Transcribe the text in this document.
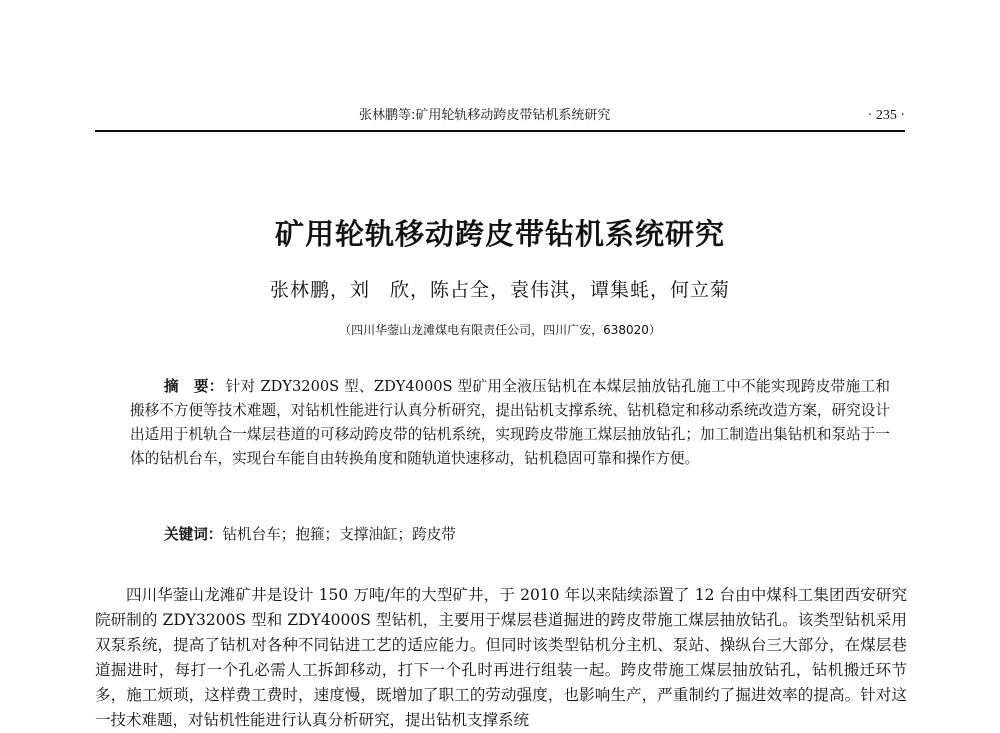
张林鹏等:矿用轮轨移动跨皮带钻机系统研究	· 235 ·
矿用轮轨移动跨皮带钻机系统研究
张林鹏，刘　欣，陈占全，袁伟淇，谭集蚝，何立菊
（四川华蓥山龙滩煤电有限责任公司，四川广安，638020）

摘　要： 针对 ZDY3200S 型、ZDY4000S 型矿用全液压钻机在本煤层抽放钻孔施工中不能实现跨皮带施工和搬移不方便等技术难题，对钻机性能进行认真分析研究，提出钻机支撑系统、钻机稳定和移动系统改造方案，研究设计出适用于机轨合一煤层巷道的可移动跨皮带的钻机系统，实现跨皮带施工煤层抽放钻孔；加工制造出集钻机和泵站于一体的钻机台车，实现台车能自由转换角度和随轨道快速移动，钻机稳固可靠和操作方便。

关键词：钻机台车；抱箍；支撑油缸；跨皮带

四川华蓥山龙滩矿井是设计 150 万吨/年的大型矿井，于 2010 年以来陆续添置了 12 台由中煤科工集团西安研究院研制的 ZDY3200S 型和 ZDY4000S 型钻机，主要用于煤层巷道掘进的跨皮带施工煤层抽放钻孔。该类型钻机采用双泵系统，提高了钻机对各种不同钻进工艺的适应能力。但同时该类型钻机分主机、泵站、操纵台三大部分，在煤层巷道掘进时，每打一个孔必需人工拆卸移动，打下一个孔时再进行组装一起。跨皮带施工煤层抽放钻孔，钻机搬迁环节多，施工烦琐，这样费工费时，速度慢，既增加了职工的劳动强度，也影响生产，严重制约了掘进效率的提高。针对这一技术难题，对钻机性能进行认真分析研究，提出钻机支撑系统
